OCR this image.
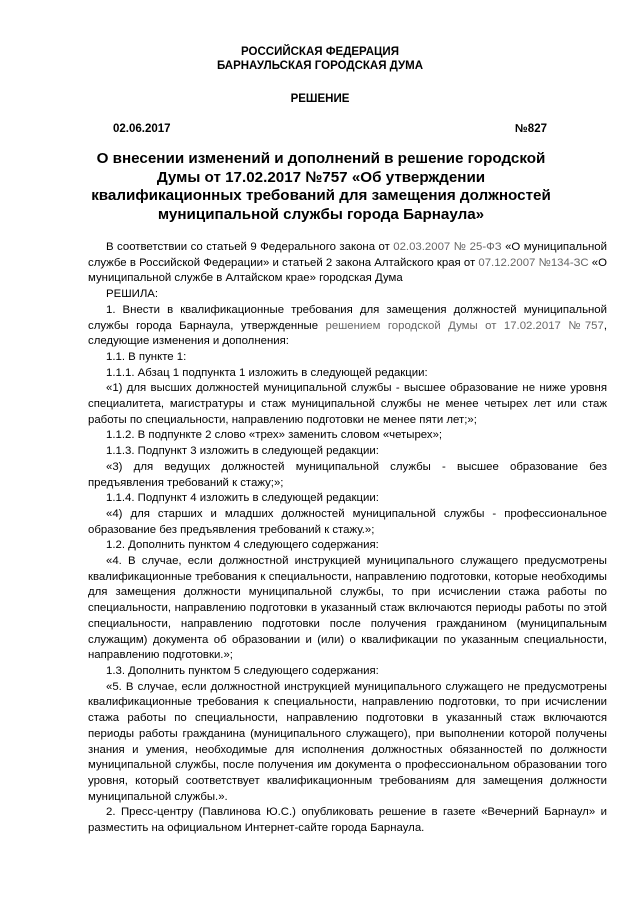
РОССИЙСКАЯ ФЕДЕРАЦИЯ
БАРНАУЛЬСКАЯ ГОРОДСКАЯ ДУМА
РЕШЕНИЕ
02.06.2017	№827
О внесении изменений и дополнений в решение городской Думы от 17.02.2017 №757 «Об утверждении квалификационных требований для замещения должностей муниципальной службы города Барнаула»

В соответствии со статьей 9 Федерального закона от 02.03.2007 № 25-ФЗ «О муниципальной службе в Российской Федерации» и статьей 2 закона Алтайского края от 07.12.2007 №134-ЗС «О муниципальной службе в Алтайском крае» городская Дума

РЕШИЛА:

1. Внести в квалификационные требования для замещения должностей муниципальной службы города Барнаула, утвержденные решением городской Думы от 17.02.2017 №757, следующие изменения и дополнения:

1.1. В пункте 1:

1.1.1. Абзац 1 подпункта 1 изложить в следующей редакции:

«1) для высших должностей муниципальной службы - высшее образование не ниже уровня специалитета, магистратуры и стаж муниципальной службы не менее четырех лет или стаж работы по специальности, направлению подготовки не менее пяти лет;»;

1.1.2. В подпункте 2 слово «трех» заменить словом «четырех»;

1.1.3. Подпункт 3 изложить в следующей редакции:

«3) для ведущих должностей муниципальной службы - высшее образование без предъявления требований к стажу;»;

1.1.4. Подпункт 4 изложить в следующей редакции:

«4) для старших и младших должностей муниципальной службы - профессиональное образование без предъявления требований к стажу.»;

1.2. Дополнить пунктом 4 следующего содержания:

«4. В случае, если должностной инструкцией муниципального служащего предусмотрены квалификационные требования к специальности, направлению подготовки, которые необходимы для замещения должности муниципальной службы, то при исчислении стажа работы по специальности, направлению подготовки в указанный стаж включаются периоды работы по этой специальности, направлению подготовки после получения гражданином (муниципальным служащим) документа об образовании и (или) о квалификации по указанным специальности, направлению подготовки.»;

1.3. Дополнить пунктом 5 следующего содержания:

«5. В случае, если должностной инструкцией муниципального служащего не предусмотрены квалификационные требования к специальности, направлению подготовки, то при исчислении стажа работы по специальности, направлению подготовки в указанный стаж включаются периоды работы гражданина (муниципального служащего), при выполнении которой получены знания и умения, необходимые для исполнения должностных обязанностей по должности муниципальной службы, после получения им документа о профессиональном образовании того уровня, который соответствует квалификационным требованиям для замещения должности муниципальной службы.».

2. Пресс-центру (Павлинова Ю.С.) опубликовать решение в газете «Вечерний Барнаул» и разместить на официальном Интернет-сайте города Барнаула.
